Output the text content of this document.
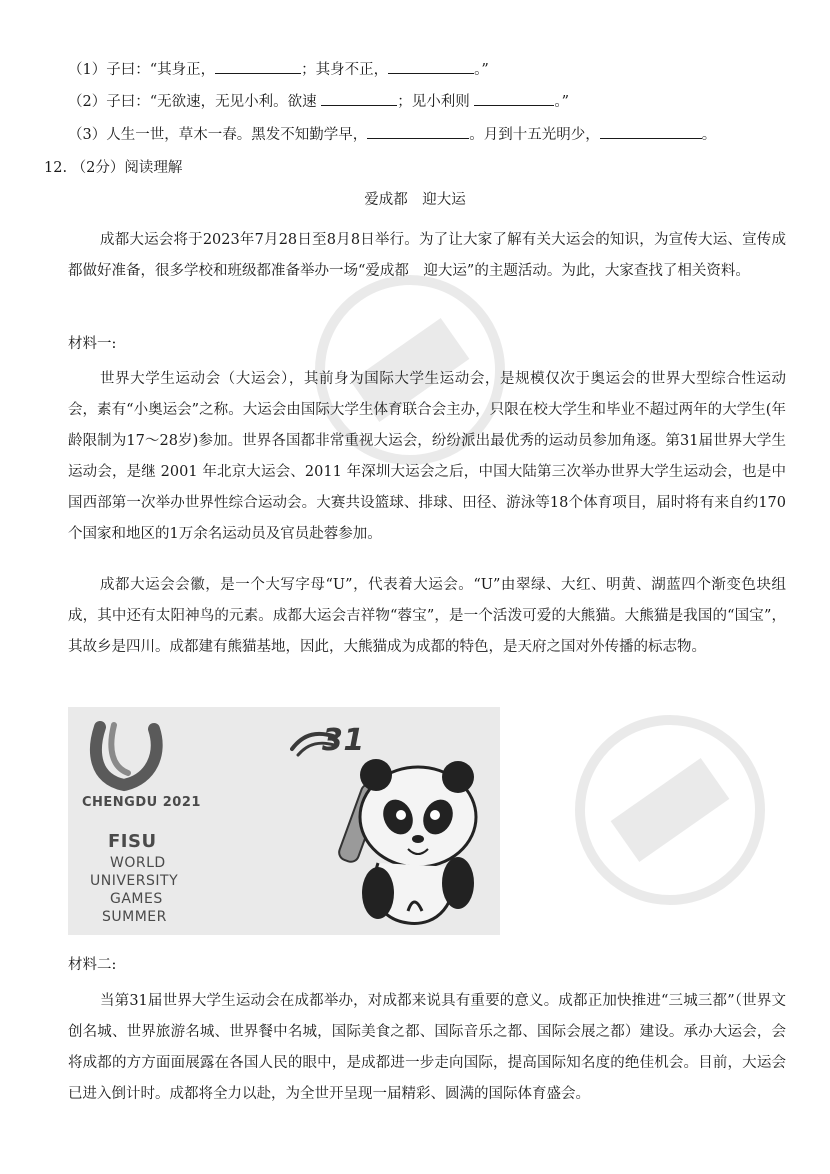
（1）子曰：“其身正，	；其身不正，	。”
（2）子曰：“无欲速，无见小利。欲速	；见小利则	。”
（3）人生一世，草木一春。黑发不知勤学早，	。月到十五光明少，	。
12. （2分）阅读理解
爱成都　迎大运
成都大运会将于2023年7月28日至8月8日举行。为了让大家了解有关大运会的知识，为宣传大运、宣传成都做好准备，很多学校和班级都准备举办一场“爱成都　迎大运”的主题活动。为此，大家查找了相关资料。
材料一:
世界大学生运动会（大运会），其前身为国际大学生运动会，是规模仅次于奥运会的世界大型综合性运动会，素有“小奥运会”之称。大运会由国际大学生体育联合会主办，只限在校大学生和毕业不超过两年的大学生(年龄限制为17～28岁)参加。世界各国都非常重视大运会，纷纷派出最优秀的运动员参加角逐。第31届世界大学生运动会，是继 2001 年北京大运会、2011 年深圳大运会之后，中国大陆第三次举办世界大学生运动会，也是中国西部第一次举办世界性综合运动会。大赛共设篮球、排球、田径、游泳等18个体育项目，届时将有来自约170个国家和地区的1万余名运动员及官员赴蓉参加。
成都大运会会徽，是一个大写字母“U”，代表着大运会。“U”由翠绿、大红、明黄、湖蓝四个渐变色块组成，其中还有太阳神鸟的元素。成都大运会吉祥物“蓉宝”，是一个活泼可爱的大熊猫。大熊猫是我国的“国宝”，其故乡是四川。成都建有熊猫基地，因此，大熊猫成为成都的特色，是天府之国对外传播的标志物。
CHENGDU 2021
FISU
WORLD
UNIVERSITY
GAMES
SUMMER
31
材料二:
当第31届世界大学生运动会在成都举办，对成都来说具有重要的意义。成都正加快推进“三城三都”（世界文创名城、世界旅游名城、世界餐中名城，国际美食之都、国际音乐之都、国际会展之都）建设。承办大运会，会将成都的方方面面展露在各国人民的眼中，是成都进一步走向国际，提高国际知名度的绝佳机会。目前，大运会已进入倒计时。成都将全力以赴，为全世开呈现一届精彩、圆满的国际体育盛会。
